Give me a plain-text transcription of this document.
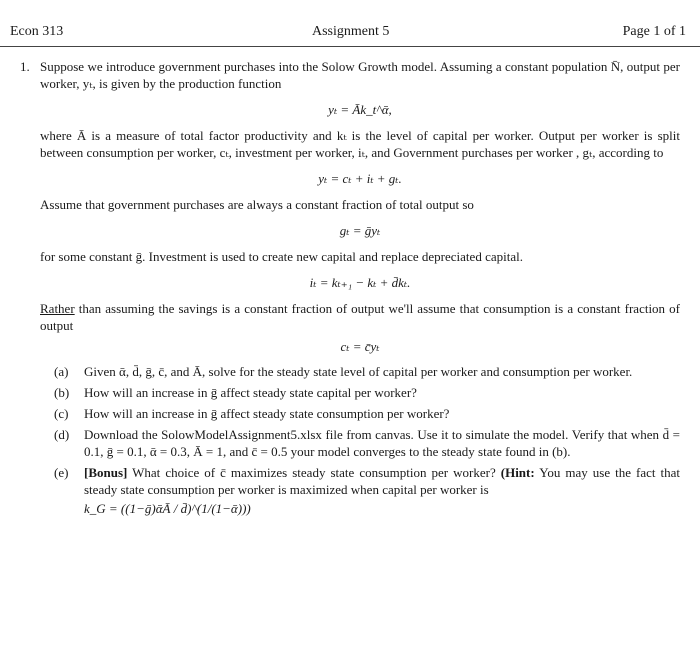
Econ 313	Assignment 5	Page 1 of 1
1. Suppose we introduce government purchases into the Solow Growth model. Assuming a constant population N̄, output per worker, yₜ, is given by the production function

yₜ = Āk_t^ᾱ,

where Ā is a measure of total factor productivity and kₜ is the level of capital per worker. Output per worker is split between consumption per worker, cₜ, investment per worker, iₜ, and Government purchases per worker , gₜ, according to

yₜ = cₜ + iₜ + gₜ.

Assume that government purchases are always a constant fraction of total output so

gₜ = ḡyₜ

for some constant ḡ. Investment is used to create new capital and replace depreciated capital.

iₜ = kₜ₊₁ − kₜ + d̄kₜ.

Rather than assuming the savings is a constant fraction of output we'll assume that consumption is a constant fraction of output

cₜ = c̄yₜ
(a) Given ᾱ, d̄, ḡ, c̄, and Ā, solve for the steady state level of capital per worker and consumption per worker.
(b) How will an increase in ḡ affect steady state capital per worker?
(c) How will an increase in ḡ affect steady state consumption per worker?
(d) Download the SolowModelAssignment5.xlsx file from canvas. Use it to simulate the model. Verify that when d̄ = 0.1, ḡ = 0.1, ᾱ = 0.3, Ā = 1, and c̄ = 0.5 your model converges to the steady state found in (b).
(e) [Bonus] What choice of c̄ maximizes steady state consumption per worker? (Hint: You may use the fact that steady state consumption per worker is maximized when capital per worker is
k_G = ((1−ḡ)ᾱĀ / d̄)^(1/(1−ᾱ)))
